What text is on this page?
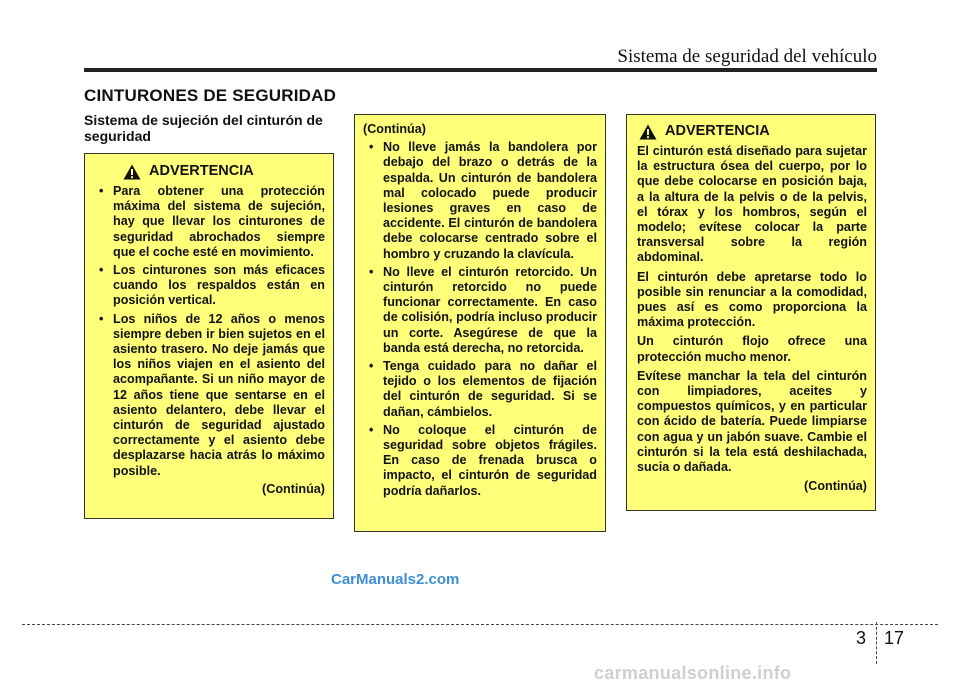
Sistema de seguridad del vehículo
CINTURONES DE SEGURIDAD
Sistema de sujeción del cinturón de seguridad
ADVERTENCIA
• Para obtener una protección máxima del sistema de sujeción, hay que llevar los cinturones de seguridad abrochados siempre que el coche esté en movimiento.
• Los cinturones son más eficaces cuando los respaldos están en posición vertical.
• Los niños de 12 años o menos siempre deben ir bien sujetos en el asiento trasero. No deje jamás que los niños viajen en el asiento del acompañante. Si un niño mayor de 12 años tiene que sentarse en el asiento delantero, debe llevar el cinturón de seguridad ajustado correctamente y el asiento debe desplazarse hacia atrás lo máximo posible.
(Continúa)
(Continúa)
• No lleve jamás la bandolera por debajo del brazo o detrás de la espalda. Un cinturón de bandolera mal colocado puede producir lesiones graves en caso de accidente. El cinturón de bandolera debe colocarse centrado sobre el hombro y cruzando la clavícula.
• No lleve el cinturón retorcido. Un cinturón retorcido no puede funcionar correctamente. En caso de colisión, podría incluso producir un corte. Asegúrese de que la banda está derecha, no retorcida.
• Tenga cuidado para no dañar el tejido o los elementos de fijación del cinturón de seguridad. Si se dañan, cámbielos.
• No coloque el cinturón de seguridad sobre objetos frágiles. En caso de frenada brusca o impacto, el cinturón de seguridad podría dañarlos.
ADVERTENCIA

El cinturón está diseñado para sujetar la estructura ósea del cuerpo, por lo que debe colocarse en posición baja, a la altura de la pelvis o de la pelvis, el tórax y los hombros, según el modelo; evítese colocar la parte transversal sobre la región abdominal.

El cinturón debe apretarse todo lo posible sin renunciar a la comodidad, pues así es como proporciona la máxima protección.

Un cinturón flojo ofrece una protección mucho menor.

Evítese manchar la tela del cinturón con limpiadores, aceites y compuestos químicos, y en particular con ácido de batería. Puede limpiarse con agua y un jabón suave. Cambie el cinturón si la tela está deshilachada, sucia o dañada.

(Continúa)
CarManuals2.com
3 17
carmanualsonline.info
